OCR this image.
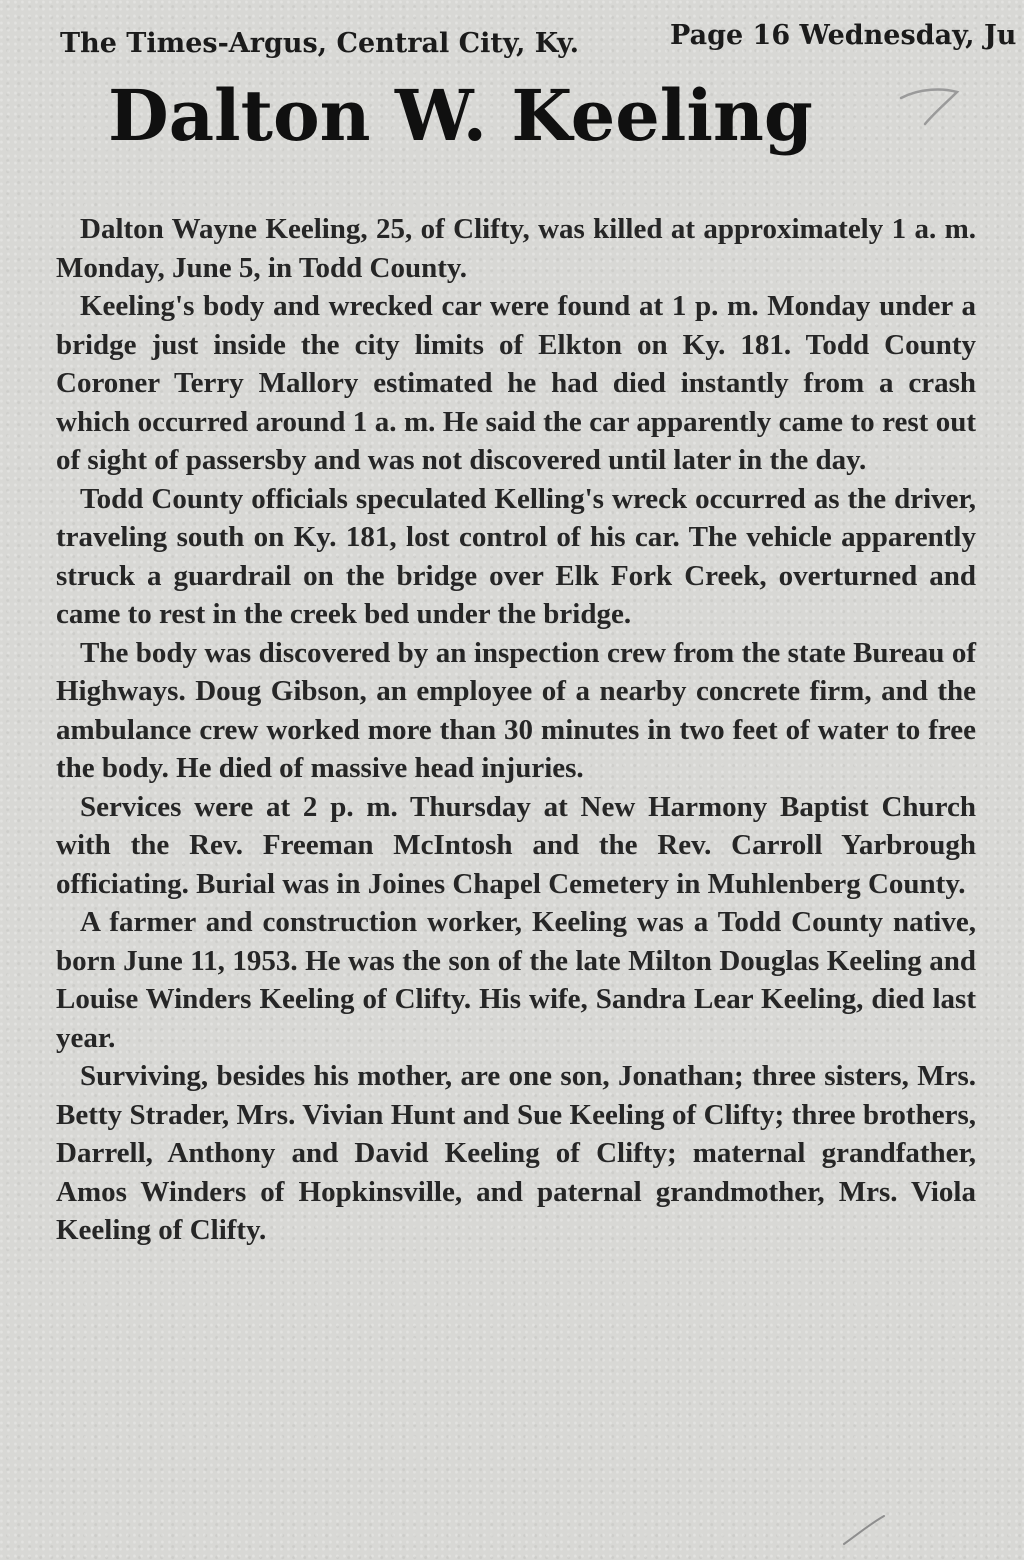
The Times-Argus, Central City, Ky.	Page 16 Wednesday, Ju
Dalton W. Keeling

Dalton Wayne Keeling, 25, of Clifty, was killed at approximately 1 a. m. Monday, June 5, in Todd County.

Keeling's body and wrecked car were found at 1 p. m. Monday under a bridge just inside the city limits of Elkton on Ky. 181. Todd County Coroner Terry Mallory estimated he had died instantly from a crash which occurred around 1 a. m. He said the car apparently came to rest out of sight of passersby and was not discovered until later in the day.

Todd County officials speculated Kelling's wreck occurred as the driver, traveling south on Ky. 181, lost control of his car. The vehicle apparently struck a guardrail on the bridge over Elk Fork Creek, overturned and came to rest in the creek bed under the bridge.

The body was discovered by an inspection crew from the state Bureau of Highways. Doug Gibson, an employee of a nearby concrete firm, and the ambulance crew worked more than 30 minutes in two feet of water to free the body. He died of massive head injuries.

Services were at 2 p. m. Thursday at New Harmony Baptist Church with the Rev. Freeman McIntosh and the Rev. Carroll Yarbrough officiating. Burial was in Joines Chapel Cemetery in Muhlenberg County.

A farmer and construction worker, Keeling was a Todd County native, born June 11, 1953. He was the son of the late Milton Douglas Keeling and Louise Winders Keeling of Clifty. His wife, Sandra Lear Keeling, died last year.

Surviving, besides his mother, are one son, Jonathan; three sisters, Mrs. Betty Strader, Mrs. Vivian Hunt and Sue Keeling of Clifty; three brothers, Darrell, Anthony and David Keeling of Clifty; maternal grandfather, Amos Winders of Hopkinsville, and paternal grandmother, Mrs. Viola Keeling of Clifty.
